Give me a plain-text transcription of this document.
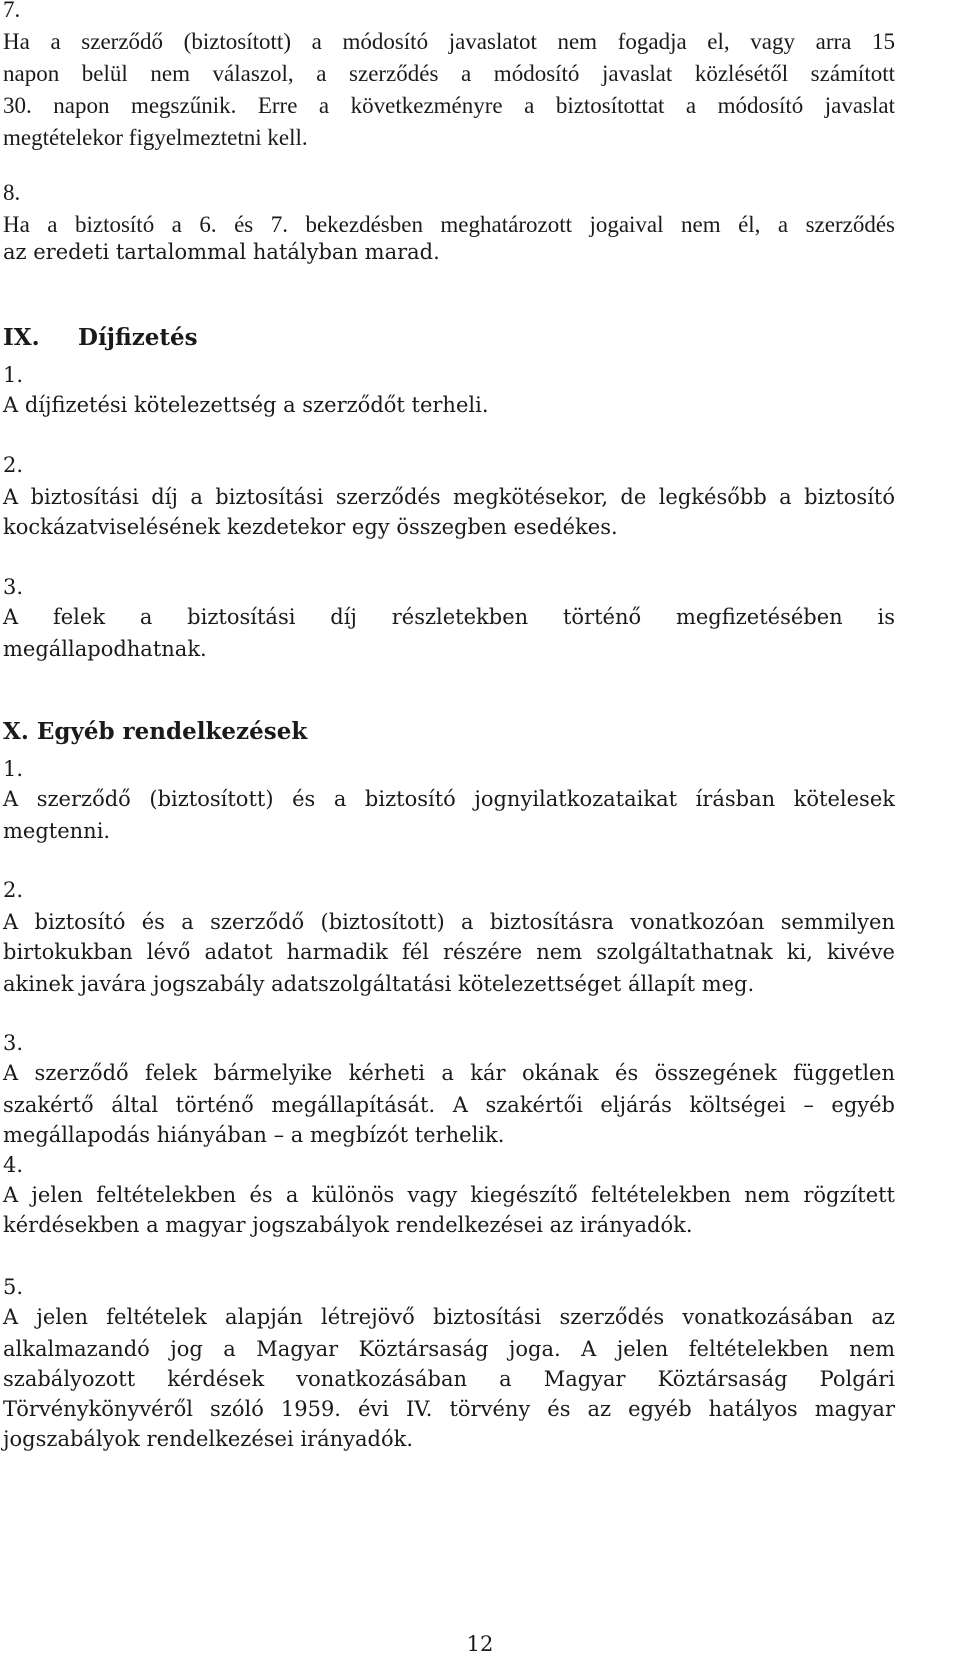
7.
Ha a szerződő (biztosított) a módosító javaslatot nem fogadja el, vagy arra 15
napon belül nem válaszol, a szerződés a módosító javaslat közlésétől számított
30. napon megszűnik. Erre a következményre a biztosítottat a módosító javaslat
megtételekor figyelmeztetni kell.
8.
Ha a biztosító a 6. és 7. bekezdésben meghatározott jogaival nem él, a szerződés
az eredeti tartalommal hatályban marad.
IX. Díjfizetés
1.
A díjfizetési kötelezettség a szerződőt terheli.
2.
A biztosítási díj a biztosítási szerződés megkötésekor, de legkésőbb a biztosító
kockázatviselésének kezdetekor egy összegben esedékes.
3.
A felek a biztosítási díj részletekben történő megfizetésében is
megállapodhatnak.
X. Egyéb rendelkezések
1.
A szerződő (biztosított) és a biztosító jognyilatkozataikat írásban kötelesek
megtenni.
2.
A biztosító és a szerződő (biztosított) a biztosításra vonatkozóan semmilyen
birtokukban lévő adatot harmadik fél részére nem szolgáltathatnak ki, kivéve
akinek javára jogszabály adatszolgáltatási kötelezettséget állapít meg.
3.
A szerződő felek bármelyike kérheti a kár okának és összegének független
szakértő által történő megállapítását. A szakértői eljárás költségei – egyéb
megállapodás hiányában – a megbízót terhelik.
4.
A jelen feltételekben és a különös vagy kiegészítő feltételekben nem rögzített
kérdésekben a magyar jogszabályok rendelkezései az irányadók.
5.
A jelen feltételek alapján létrejövő biztosítási szerződés vonatkozásában az
alkalmazandó jog a Magyar Köztársaság joga. A jelen feltételekben nem
szabályozott kérdések vonatkozásában a Magyar Köztársaság Polgári
Törvénykönyvéről szóló 1959. évi IV. törvény és az egyéb hatályos magyar
jogszabályok rendelkezései irányadók.
12
